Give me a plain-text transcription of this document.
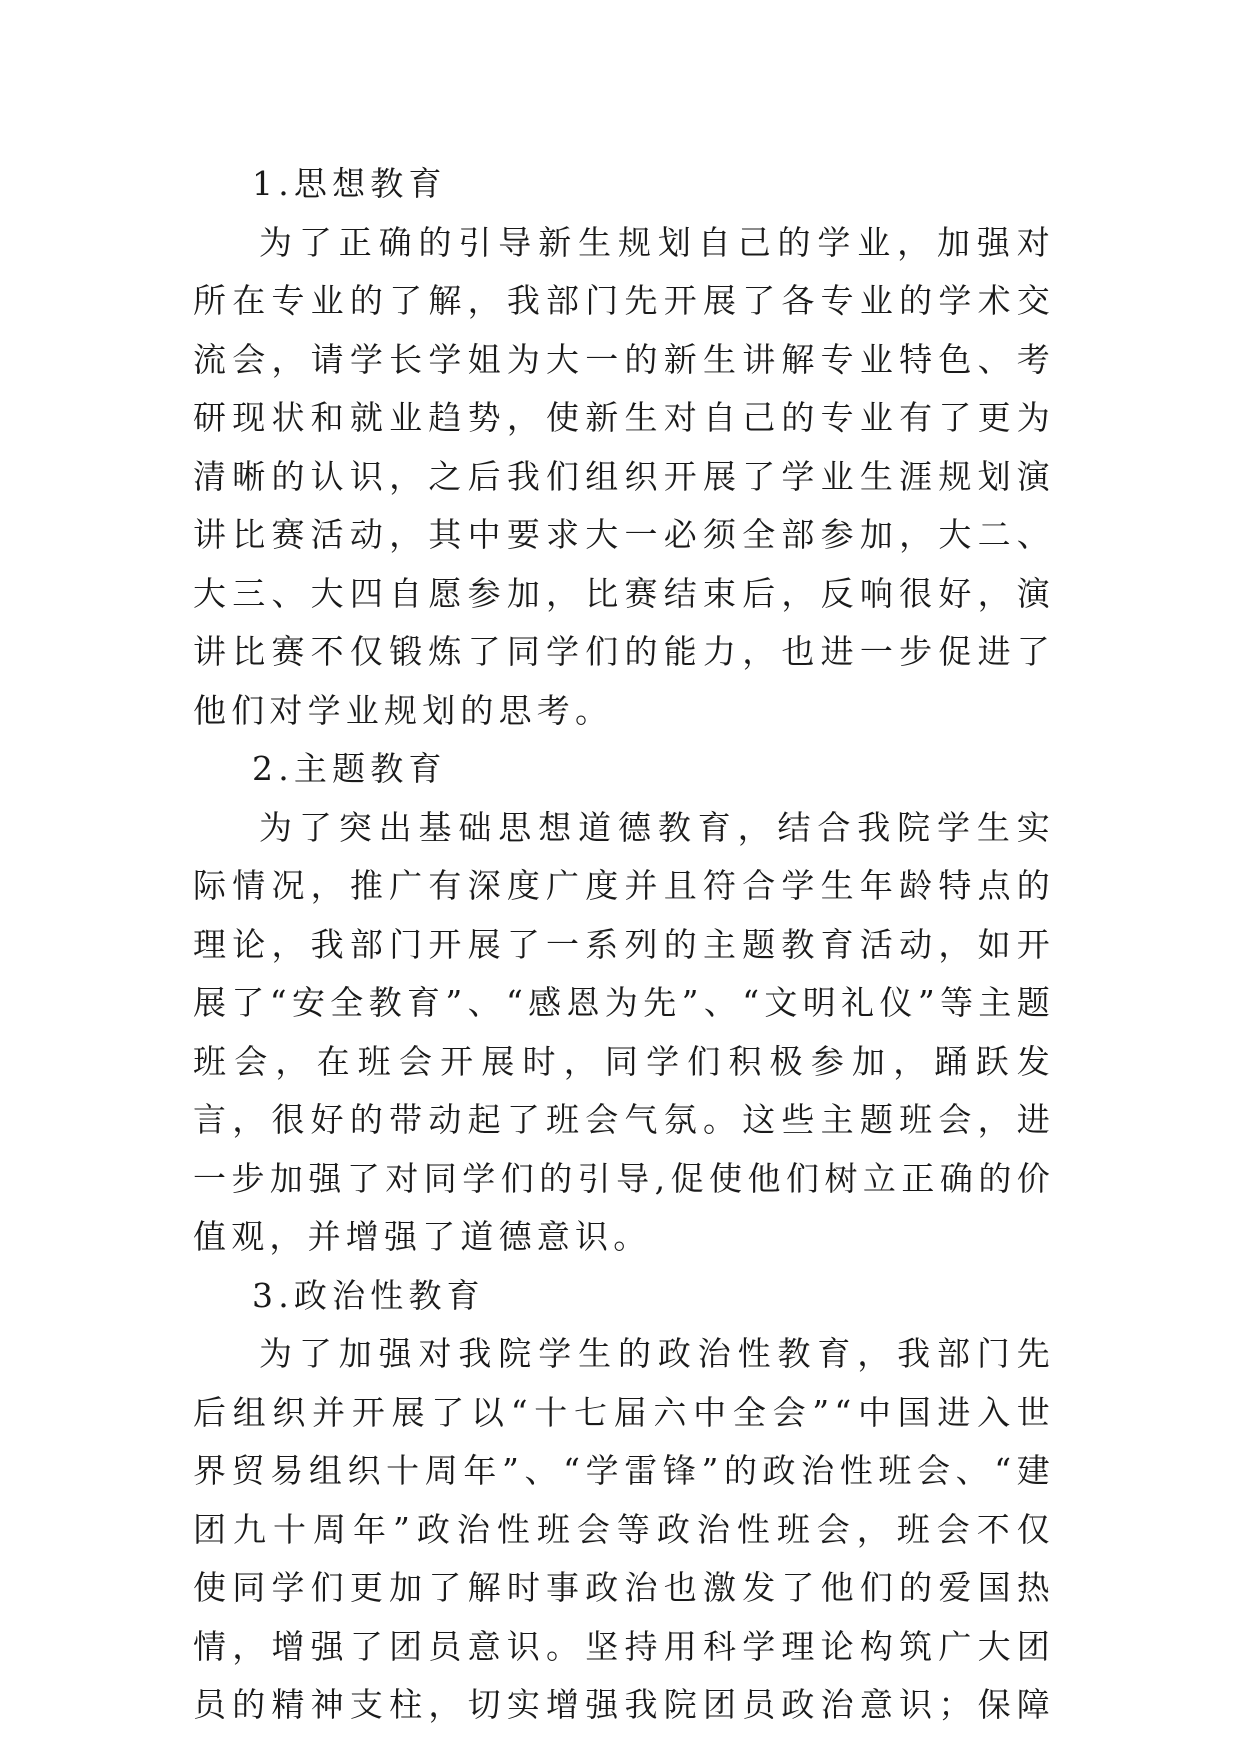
1.思想教育

为了正确的引导新生规划自己的学业，加强对所在专业的了解，我部门先开展了各专业的学术交流会，请学长学姐为大一的新生讲解专业特色、考研现状和就业趋势，使新生对自己的专业有了更为清晰的认识，之后我们组织开展了学业生涯规划演讲比赛活动，其中要求大一必须全部参加，大二、大三、大四自愿参加，比赛结束后，反响很好，演讲比赛不仅锻炼了同学们的能力，也进一步促进了他们对学业规划的思考。

2.主题教育

为了突出基础思想道德教育，结合我院学生实际情况，推广有深度广度并且符合学生年龄特点的理论，我部门开展了一系列的主题教育活动，如开展了“安全教育”、“感恩为先”、“文明礼仪”等主题班会，在班会开展时，同学们积极参加，踊跃发言，很好的带动起了班会气氛。这些主题班会，进一步加强了对同学们的引导,促使他们树立正确的价值观，并增强了道德意识。

3.政治性教育

为了加强对我院学生的政治性教育，我部门先后组织并开展了以“十七届六中全会”“中国进入世界贸易组织十周年”、“学雷锋”的政治性班会、“建团九十周年”政治性班会等政治性班会，班会不仅使同学们更加了解时事政治也激发了他们的爱国热情，增强了团员意识。坚持用科学理论构筑广大团员的精神支柱，切实增强我院团员政治意识；保障
